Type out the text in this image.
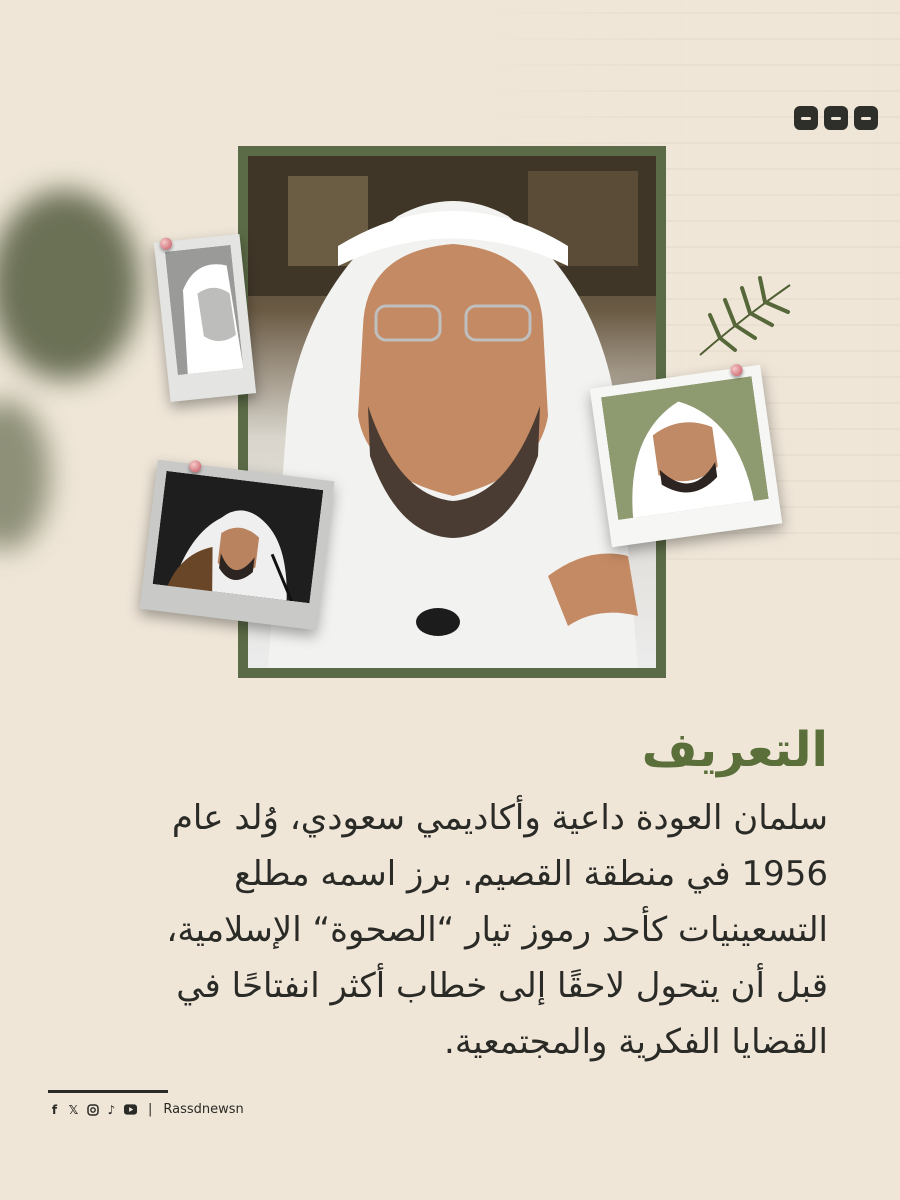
التعريف
سلمان العودة داعية وأكاديمي سعودي، وُلد عام
1956 في منطقة القصيم. برز اسمه مطلع
التسعينيات كأحد رموز تيار “الصحوة“ الإسلامية،
قبل أن يتحول لاحقًا إلى خطاب أكثر انفتاحًا في
القضايا الفكرية والمجتمعية.
f 𝕏 ♪	| Rassdnewsn
